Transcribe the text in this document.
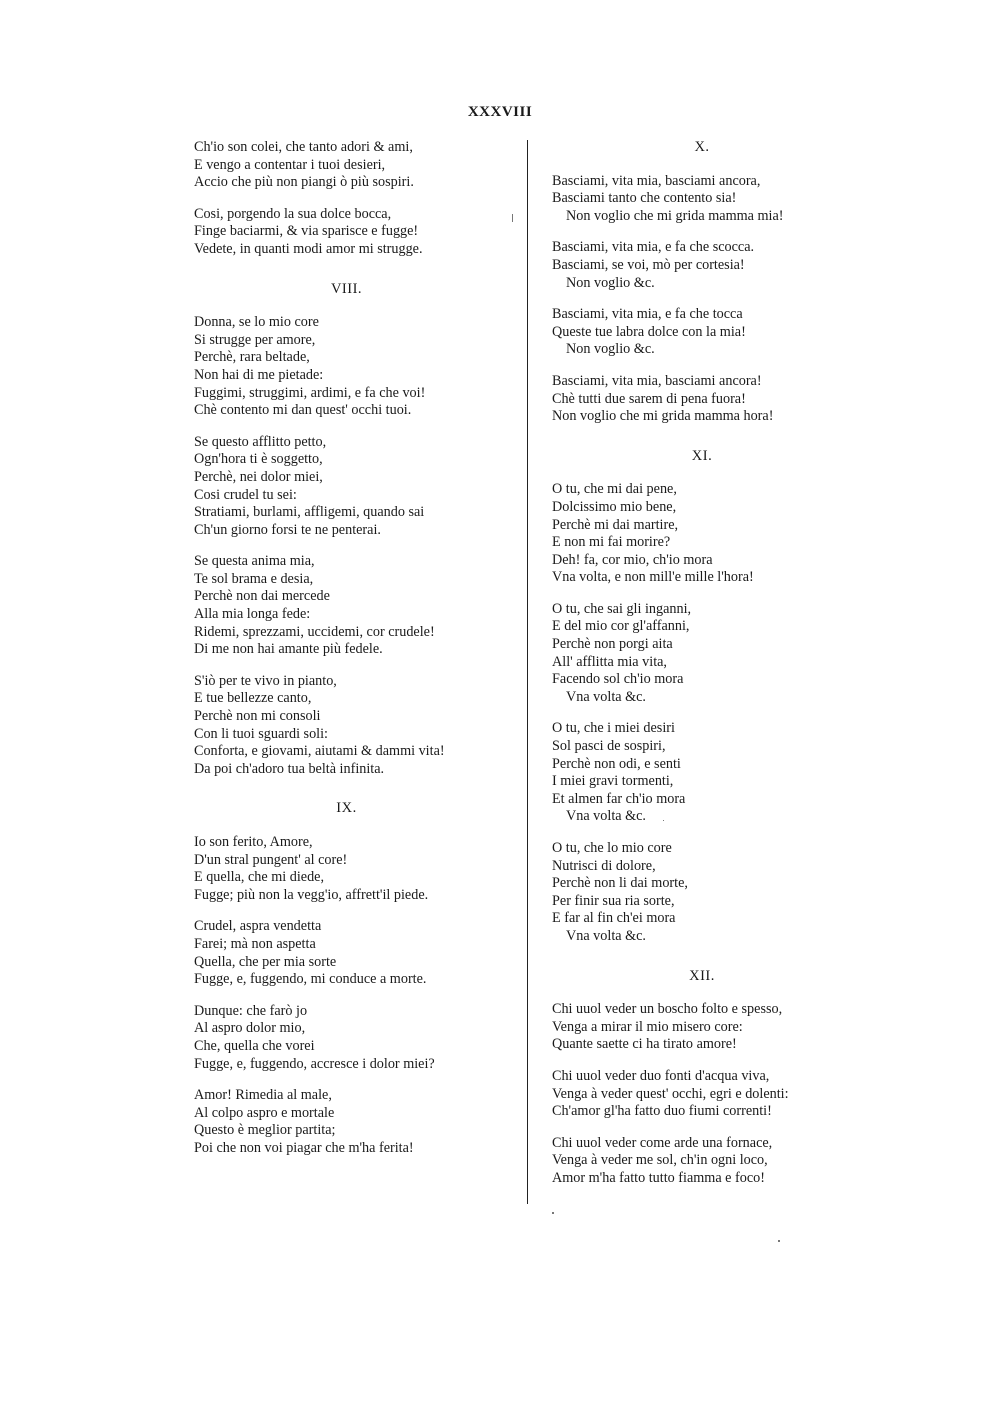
XXXVIII
Ch'io son colei, che tanto adori & ami,
E vengo a contentar i tuoi desieri,
Accio che più non piangi ò più sospiri.
Cosi, porgendo la sua dolce bocca,
Finge baciarmi, & via sparisce e fugge!
Vedete, in quanti modi amor mi strugge.
VIII.
Donna, se lo mio core
Si strugge per amore,
Perchè, rara beltade,
Non hai di me pietade:
Fuggimi, struggimi, ardimi, e fa che voi!
Chè contento mi dan quest' occhi tuoi.
Se questo afflitto petto,
Ogn'hora ti è soggetto,
Perchè, nei dolor miei,
Cosi crudel tu sei:
Stratiami, burlami, affligemi, quando sai
Ch'un giorno forsi te ne penterai.
Se questa anima mia,
Te sol brama e desia,
Perchè non dai mercede
Alla mia longa fede:
Ridemi, sprezzami, uccidemi, cor crudele!
Di me non hai amante più fedele.
S'iò per te vivo in pianto,
E tue bellezze canto,
Perchè non mi consoli
Con li tuoi sguardi soli:
Conforta, e giovami, aiutami & dammi vita!
Da poi ch'adoro tua beltà infinita.
IX.
Io son ferito, Amore,
D'un stral pungent' al core!
E quella, che mi diede,
Fugge; più non la vegg'io, affrett'il piede.
Crudel, aspra vendetta
Farei; mà non aspetta
Quella, che per mia sorte
Fugge, e, fuggendo, mi conduce a morte.
Dunque: che farò jo
Al aspro dolor mio,
Che, quella che vorei
Fugge, e, fuggendo, accresce i dolor miei?
Amor! Rimedia al male,
Al colpo aspro e mortale
Questo è meglior partita;
Poi che non voi piagar che m'ha ferita!
X.
Basciami, vita mia, basciami ancora,
Basciami tanto che contento sia!
Non voglio che mi grida mamma mia!
Basciami, vita mia, e fa che scocca.
Basciami, se voi, mò per cortesia!
Non voglio &c.
Basciami, vita mia, e fa che tocca
Queste tue labra dolce con la mia!
Non voglio &c.
Basciami, vita mia, basciami ancora!
Chè tutti due sarem di pena fuora!
Non voglio che mi grida mamma hora!
XI.
O tu, che mi dai pene,
Dolcissimo mio bene,
Perchè mi dai martire,
E non mi fai morire?
Deh! fa, cor mio, ch'io mora
Vna volta, e non mill'e mille l'hora!
O tu, che sai gli inganni,
E del mio cor gl'affanni,
Perchè non porgi aita
All' afflitta mia vita,
Facendo sol ch'io mora
Vna volta &c.
O tu, che i miei desiri
Sol pasci de sospiri,
Perchè non odi, e senti
I miei gravi tormenti,
Et almen far ch'io mora
Vna volta &c.
O tu, che lo mio core
Nutrisci di dolore,
Perchè non li dai morte,
Per finir sua ria sorte,
E far al fin ch'ei mora
Vna volta &c.
XII.
Chi uuol veder un boscho folto e spesso,
Venga a mirar il mio misero core:
Quante saette ci ha tirato amore!
Chi uuol veder duo fonti d'acqua viva,
Venga à veder quest' occhi, egri e dolenti:
Ch'amor gl'ha fatto duo fiumi correnti!
Chi uuol veder come arde una fornace,
Venga à veder me sol, ch'in ogni loco,
Amor m'ha fatto tutto fiamma e foco!
